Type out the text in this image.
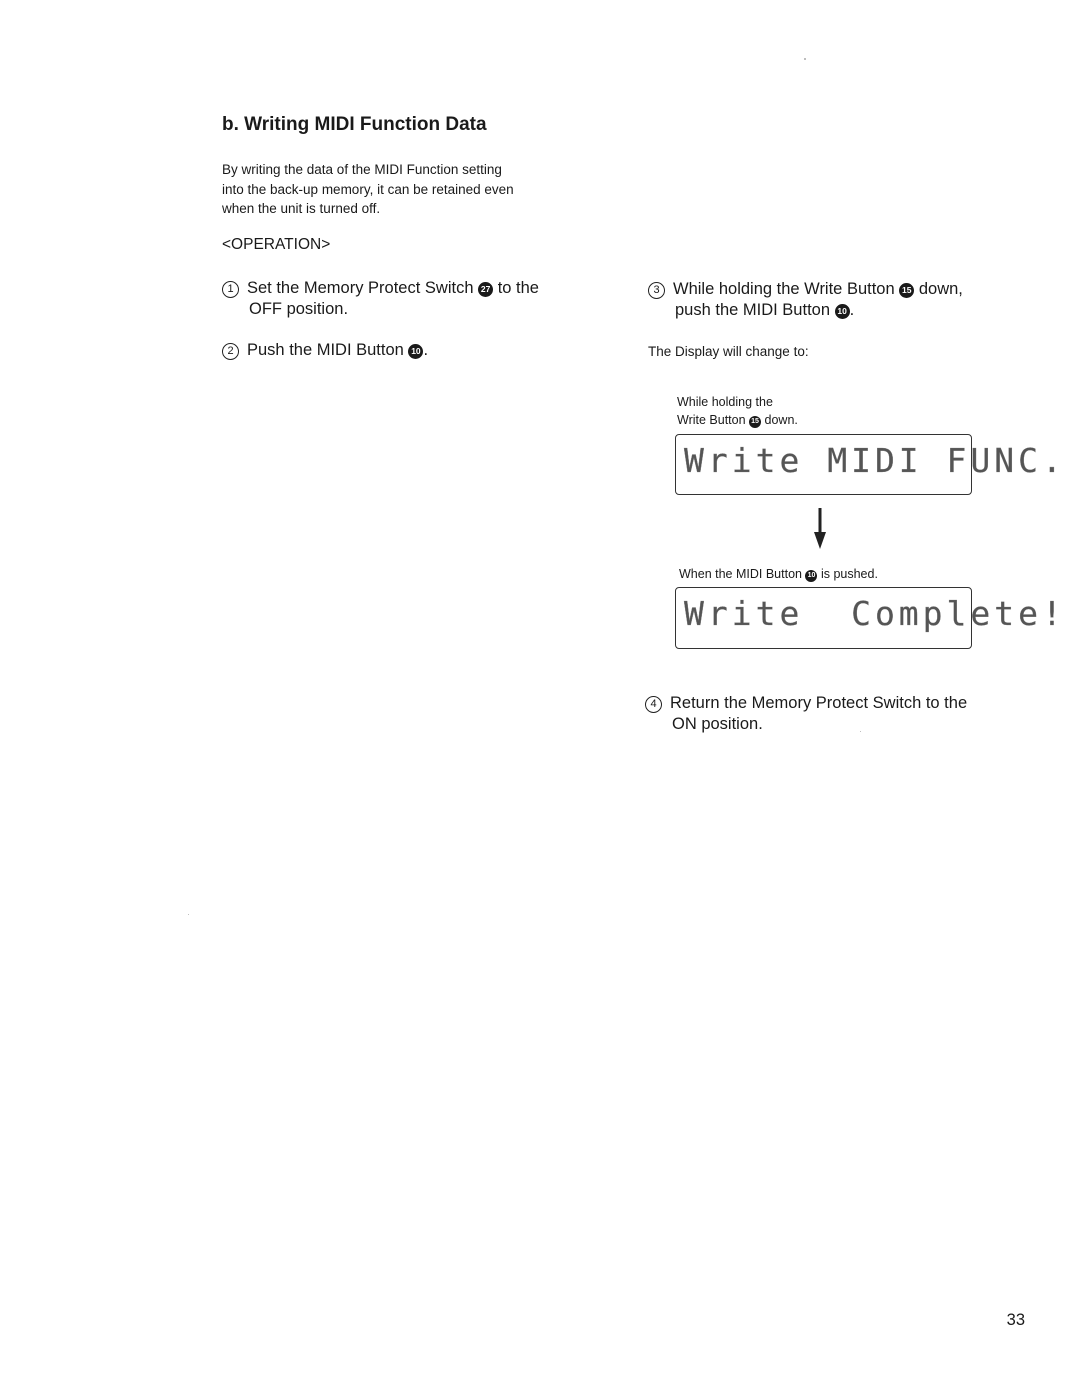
b. Writing MIDI Function Data

By writing the data of the MIDI Function setting

into the back-up memory, it can be retained even

when the unit is turned off.

<OPERATION>
1 Set the Memory Protect Switch 27 to the
OFF position.
2 Push the MIDI Button 10 .
3 While holding the Write Button 15 down,
push the MIDI Button 10 .
The Display will change to:

While holding the

Write Button 15 down.

Write MIDI FUNC.
When the MIDI Button 10 is pushed.
Write  Complete!
4 Return the Memory Protect Switch to the
ON position.
33
